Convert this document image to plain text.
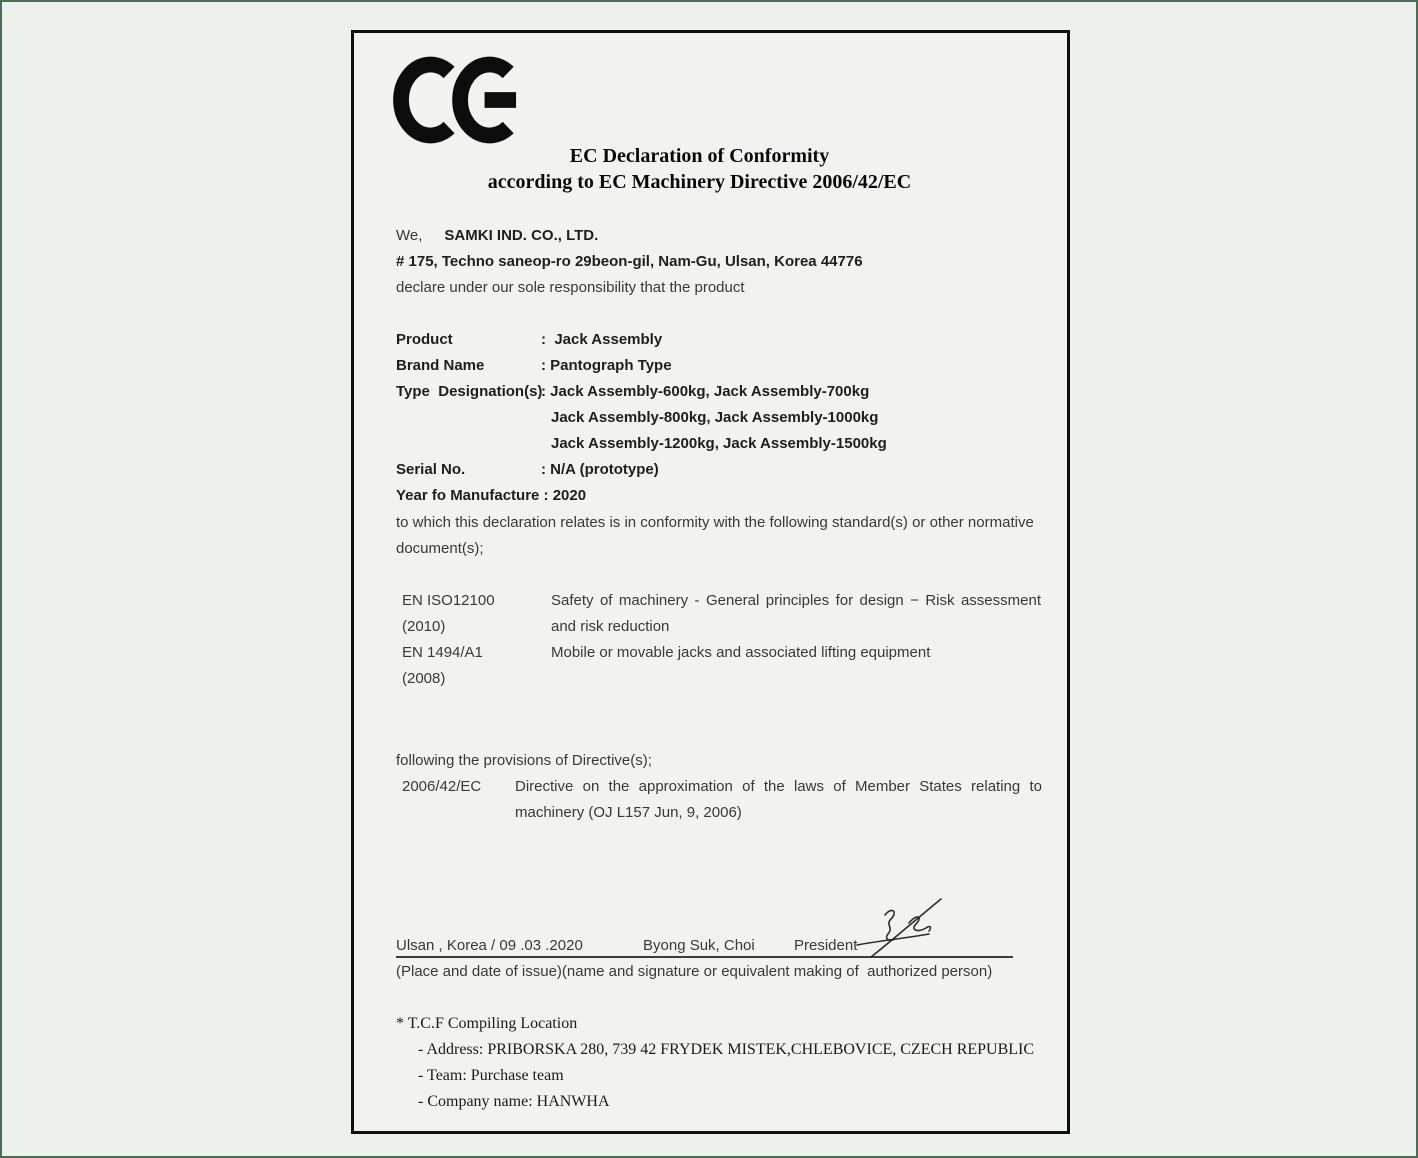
EC Declaration of Conformity
according to EC Machinery Directive 2006/42/EC
We, SAMKI IND. CO., LTD.
# 175, Techno saneop-ro 29beon-gil, Nam-Gu, Ulsan, Korea 44776
declare under our sole responsibility that the product
Product	:  Jack Assembly
Brand Name	: Pantograph Type
Type  Designation(s)
: Jack Assembly-600kg, Jack Assembly-700kg
Jack Assembly-800kg, Jack Assembly-1000kg
Jack Assembly-1200kg, Jack Assembly-1500kg
Serial No.	: N/A (prototype)
Year fo Manufacture : 2020
to which this declaration relates is in conformity with the following standard(s) or other normative
document(s);
EN ISO12100	Safety of machinery - General principles for design − Risk assessment
(2010)	and risk reduction
EN 1494/A1	Mobile or movable jacks and associated lifting equipment
(2008)
following the provisions of Directive(s);
2006/42/EC Directive on the approximation of the laws of Member States relating to
machinery (OJ L157 Jun, 9, 2006)
Ulsan , Korea / 09 .03 .2020	Byong Suk, Choi	President
(Place and date of issue)(name and signature or equivalent making of  authorized person)
* T.C.F Compiling Location
- Address: PRIBORSKA 280, 739 42 FRYDEK MISTEK,CHLEBOVICE, CZECH REPUBLIC
- Team: Purchase team
- Company name: HANWHA
